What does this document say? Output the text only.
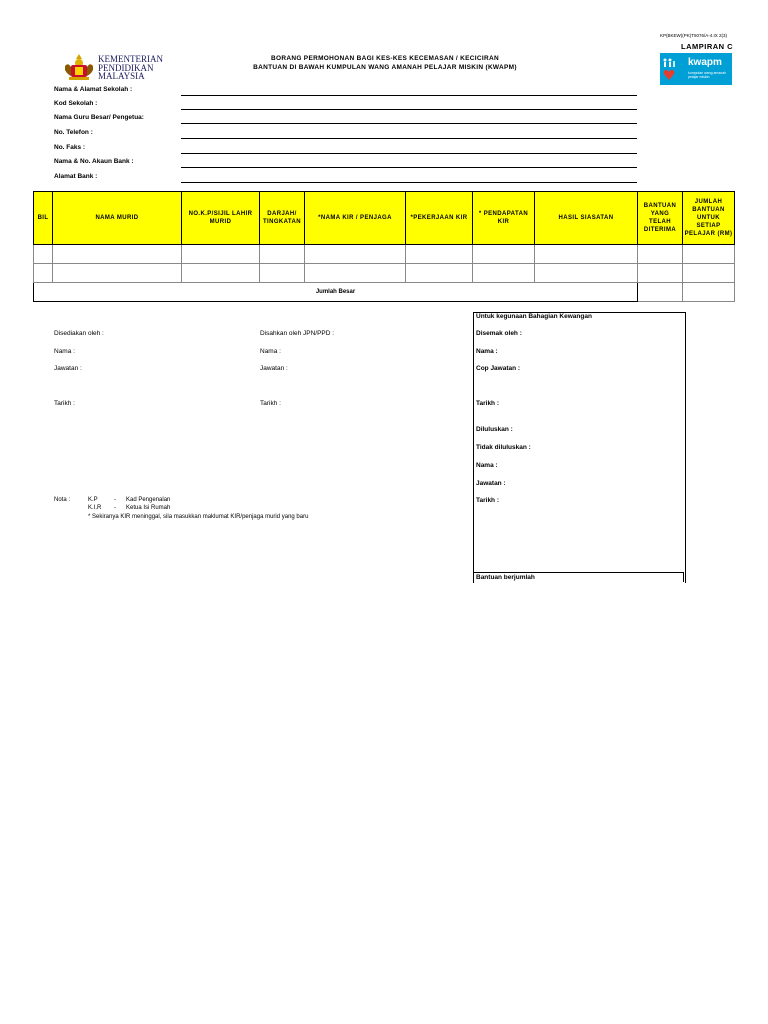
KP(BKEW)(PK)T5076/A-4.IX 2(3)
LAMPIRAN C
KEMENTERIAN
PENDIDIKAN
MALAYSIA
BORANG PERMOHONAN BAGI KES-KES KECEMASAN / KECICIRAN
BANTUAN DI BAWAH KUMPULAN WANG AMANAH PELAJAR MISKIN (KWAPM)	kwapm
kumpulan wang amanah pelajar miskin
Nama & Alamat Sekolah :
Kod Sekolah :
Nama Guru Besar/ Pengetua:
No. Telefon :
No. Faks :
Nama & No. Akaun Bank :
Alamat Bank :
BIL	NAMA MURID	NO.K.P/SIJIL LAHIR MURID	DARJAH/ TINGKATAN	*NAMA KIR / PENJAGA	*PEKERJAAN KIR	* PENDAPATAN KIR	HASIL SIASATAN	BANTUAN YANG TELAH DITERIMA	JUMLAH BANTUAN UNTUK SETIAP PELAJAR (RM)

Jumlah Besar									
Disediakan oleh :
Nama :
Jawatan :
Tarikh :
Disahkan oleh JPN/PPD :
Nama :
Jawatan :
Tarikh :
Untuk kegunaan Bahagian Kewangan
Disemak oleh :
Nama :
Cop Jawatan :
Tarikh :
Diluluskan :
Tidak diluluskan :
Nama :
Jawatan :
Tarikh :
Bantuan berjumlah
Nota :	K.P	- Kad Pengenalan
K.I.R - Ketua Isi Rumah
* Sekiranya KIR meninggal, sila masukkan maklumat KIR/penjaga murid yang baru
